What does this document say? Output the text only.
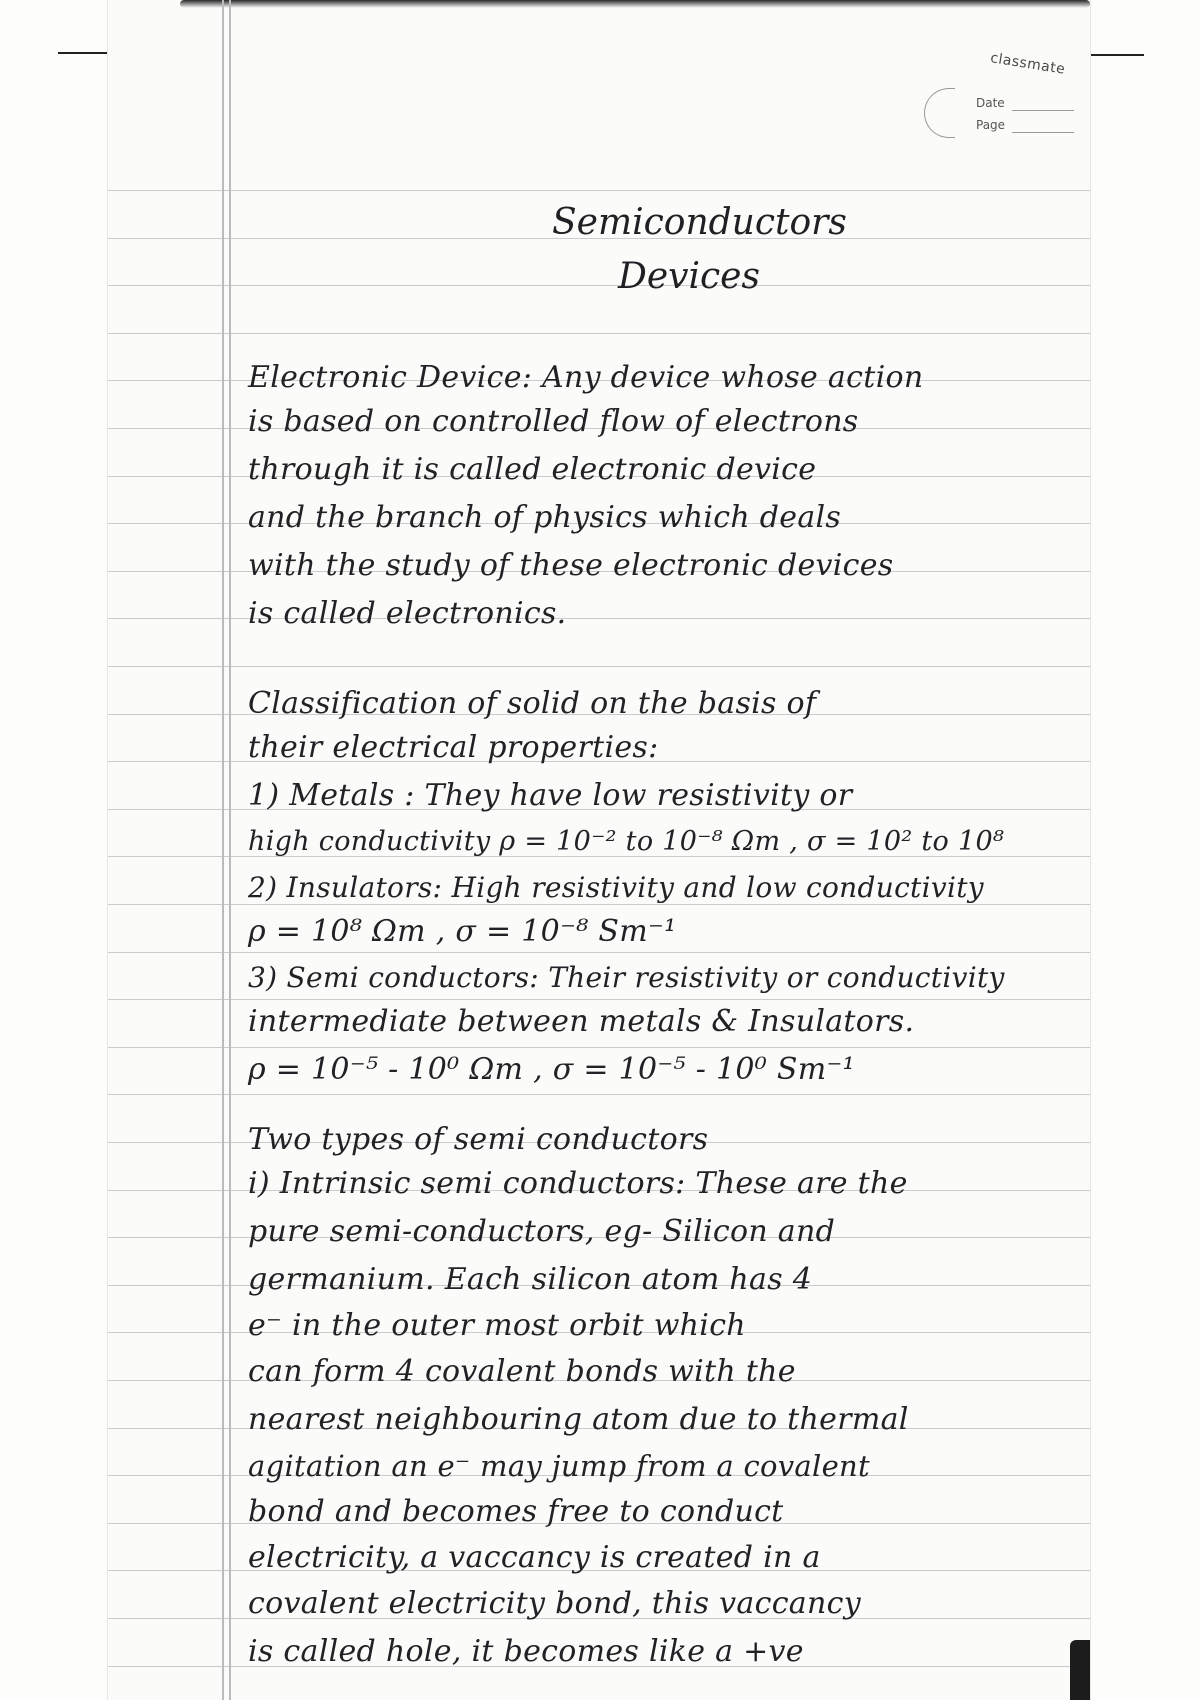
classmate
Date
Page
Semiconductors
Devices
Electronic Device: Any device whose action
is based on controlled flow of electrons
through it is called electronic device
and the branch of physics which deals
with the study of these electronic devices
is called electronics.
Classification of solid on the basis of
their electrical properties:
1) Metals : They have low resistivity or
high conductivity ρ = 10⁻² to 10⁻⁸ Ωm , σ = 10² to 10⁸
2) Insulators: High resistivity and low conductivity
ρ = 10⁸ Ωm , σ = 10⁻⁸ Sm⁻¹
3) Semi conductors: Their resistivity or conductivity
intermediate between metals & Insulators.
ρ = 10⁻⁵ - 10⁰ Ωm , σ = 10⁻⁵ - 10⁰ Sm⁻¹
Two types of semi conductors
i) Intrinsic semi conductors: These are the
pure semi-conductors, eg- Silicon and
germanium. Each silicon atom has 4
e⁻ in the outer most orbit which
can form 4 covalent bonds with the
nearest neighbouring atom due to thermal
agitation an e⁻ may jump from a covalent
bond and becomes free to conduct
electricity, a vaccancy is created in a
covalent electricity bond, this vaccancy
is called hole, it becomes like a +ve
